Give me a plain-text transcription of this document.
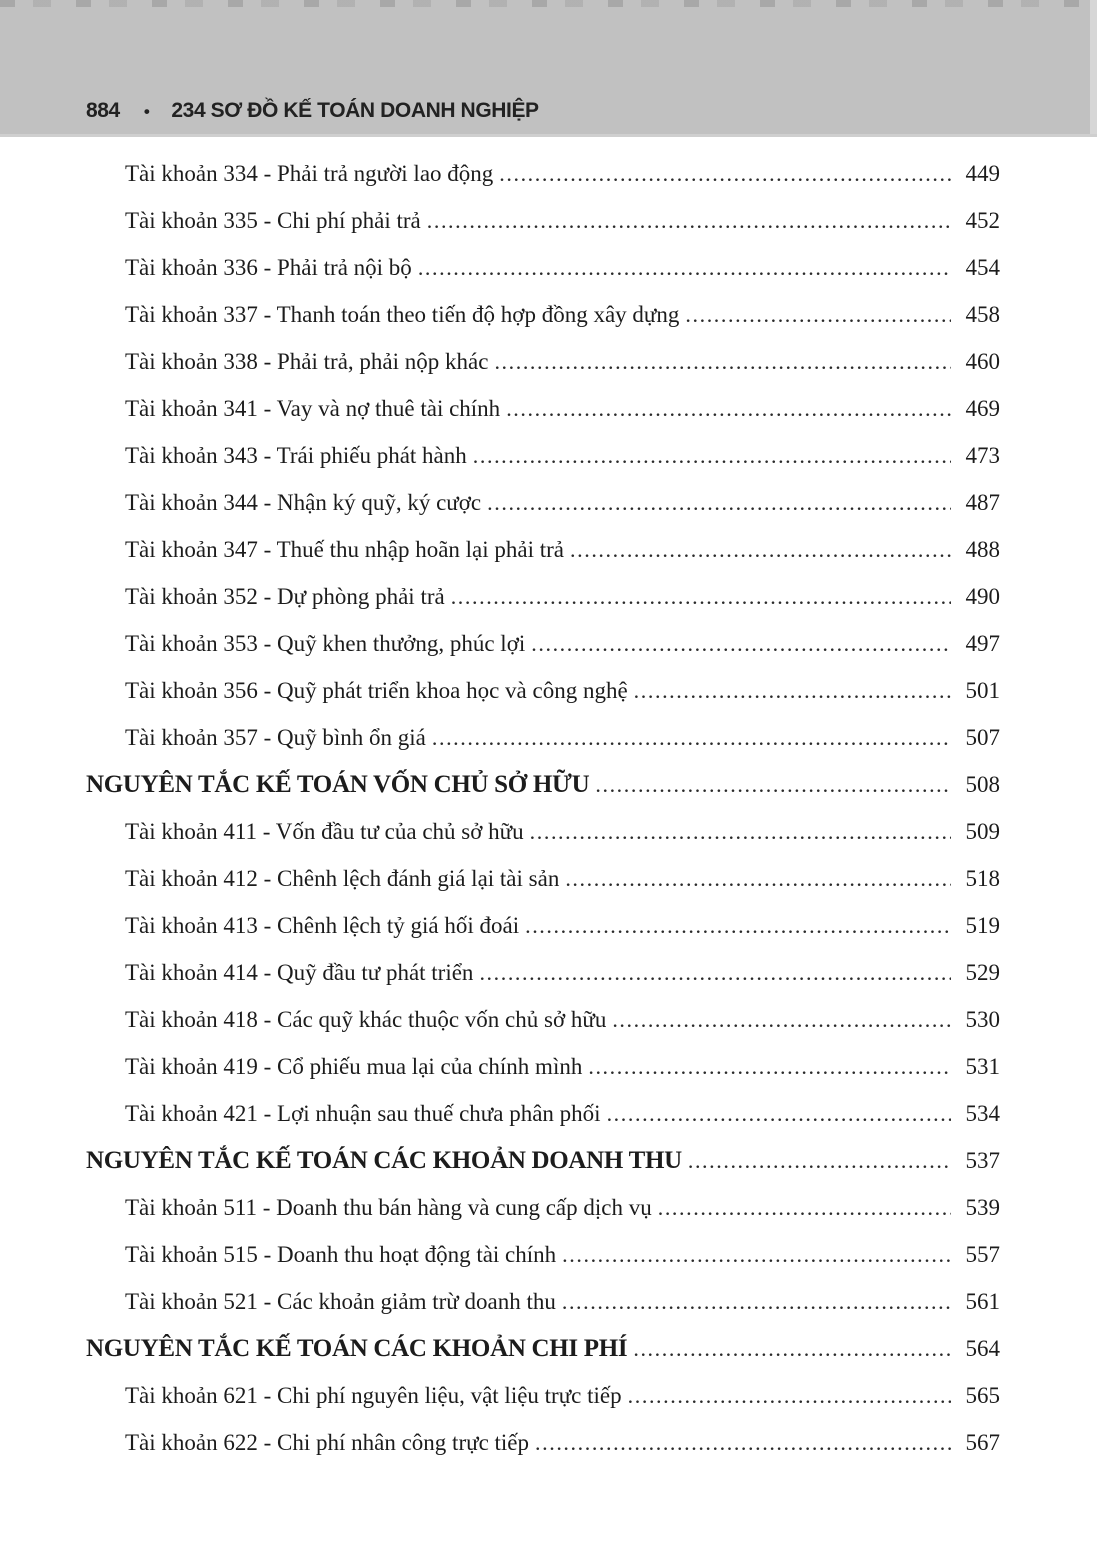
884 • 234 SƠ ĐỒ KẾ TOÁN DOANH NGHIỆP
Tài khoản 334 - Phải trả người lao động .....	449
Tài khoản 335 - Chi phí phải trả .....	452
Tài khoản 336 - Phải trả nội bộ .....	454
Tài khoản 337 - Thanh toán theo tiến độ hợp đồng xây dựng .....	458
Tài khoản 338 - Phải trả, phải nộp khác .....	460
Tài khoản 341 - Vay và nợ thuê tài chính .....	469
Tài khoản 343 - Trái phiếu phát hành .....	473
Tài khoản 344 - Nhận ký quỹ, ký cược .....	487
Tài khoản 347 - Thuế thu nhập hoãn lại phải trả .....	488
Tài khoản 352 - Dự phòng phải trả .....	490
Tài khoản 353 - Quỹ khen thưởng, phúc lợi .....	497
Tài khoản 356 - Quỹ phát triển khoa học và công nghệ .....	501
Tài khoản 357 - Quỹ bình ổn giá .....	507
NGUYÊN TẮC KẾ TOÁN VỐN CHỦ SỞ HỮU .....	508
Tài khoản 411 - Vốn đầu tư của chủ sở hữu .....	509
Tài khoản 412 - Chênh lệch đánh giá lại tài sản .....	518
Tài khoản 413 - Chênh lệch tỷ giá hối đoái .....	519
Tài khoản 414 - Quỹ đầu tư phát triển .....	529
Tài khoản 418 - Các quỹ khác thuộc vốn chủ sở hữu .....	530
Tài khoản 419 - Cổ phiếu mua lại của chính mình .....	531
Tài khoản 421 - Lợi nhuận sau thuế chưa phân phối .....	534
NGUYÊN TẮC KẾ TOÁN CÁC KHOẢN DOANH THU .....	537
Tài khoản 511 - Doanh thu bán hàng và cung cấp dịch vụ .....	539
Tài khoản 515 - Doanh thu hoạt động tài chính .....	557
Tài khoản 521 - Các khoản giảm trừ doanh thu .....	561
NGUYÊN TẮC KẾ TOÁN CÁC KHOẢN CHI PHÍ .....	564
Tài khoản 621 - Chi phí nguyên liệu, vật liệu trực tiếp .....	565
Tài khoản 622 - Chi phí nhân công trực tiếp .....	567
